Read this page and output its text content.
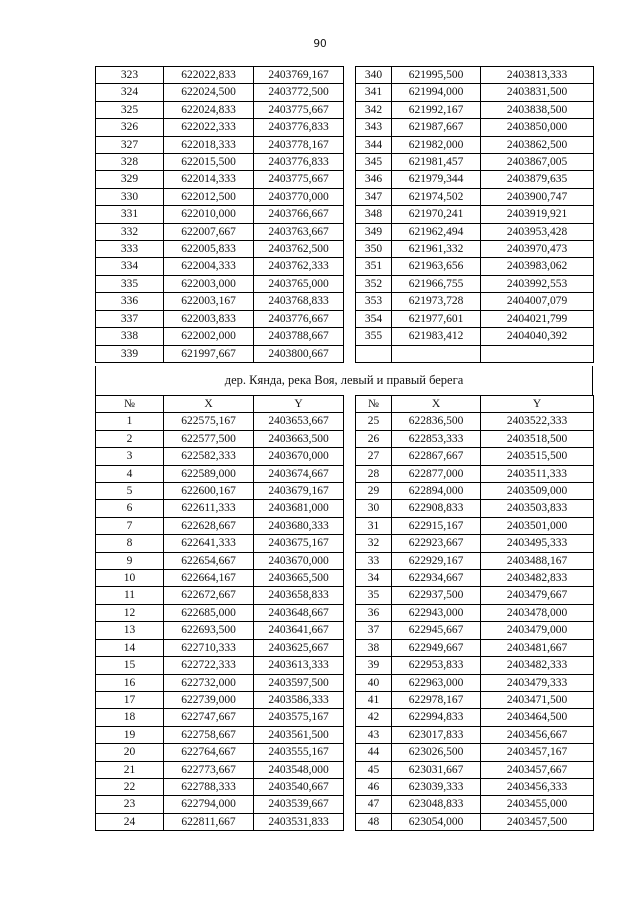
90
323	622022,833	2403769,167		340	621995,500	2403813,333
324	622024,500	2403772,500		341	621994,000	2403831,500
325	622024,833	2403775,667		342	621992,167	2403838,500
326	622022,333	2403776,833		343	621987,667	2403850,000
327	622018,333	2403778,167		344	621982,000	2403862,500
328	622015,500	2403776,833		345	621981,457	2403867,005
329	622014,333	2403775,667		346	621979,344	2403879,635
330	622012,500	2403770,000		347	621974,502	2403900,747
331	622010,000	2403766,667		348	621970,241	2403919,921
332	622007,667	2403763,667		349	621962,494	2403953,428
333	622005,833	2403762,500		350	621961,332	2403970,473
334	622004,333	2403762,333		351	621963,656	2403983,062
335	622003,000	2403765,000		352	621966,755	2403992,553
336	622003,167	2403768,833		353	621973,728	2404007,079
337	622003,833	2403776,667		354	621977,601	2404021,799
338	622002,000	2403788,667		355	621983,412	2404040,392
339	621997,667	2403800,667				
дер. Кянда, река Воя, левый и правый берега
№	X	Y		№	X	Y
1	622575,167	2403653,667		25	622836,500	2403522,333
2	622577,500	2403663,500		26	622853,333	2403518,500
3	622582,333	2403670,000		27	622867,667	2403515,500
4	622589,000	2403674,667		28	622877,000	2403511,333
5	622600,167	2403679,167		29	622894,000	2403509,000
6	622611,333	2403681,000		30	622908,833	2403503,833
7	622628,667	2403680,333		31	622915,167	2403501,000
8	622641,333	2403675,167		32	622923,667	2403495,333
9	622654,667	2403670,000		33	622929,167	2403488,167
10	622664,167	2403665,500		34	622934,667	2403482,833
11	622672,667	2403658,833		35	622937,500	2403479,667
12	622685,000	2403648,667		36	622943,000	2403478,000
13	622693,500	2403641,667		37	622945,667	2403479,000
14	622710,333	2403625,667		38	622949,667	2403481,667
15	622722,333	2403613,333		39	622953,833	2403482,333
16	622732,000	2403597,500		40	622963,000	2403479,333
17	622739,000	2403586,333		41	622978,167	2403471,500
18	622747,667	2403575,167		42	622994,833	2403464,500
19	622758,667	2403561,500		43	623017,833	2403456,667
20	622764,667	2403555,167		44	623026,500	2403457,167
21	622773,667	2403548,000		45	623031,667	2403457,667
22	622788,333	2403540,667		46	623039,333	2403456,333
23	622794,000	2403539,667		47	623048,833	2403455,000
24	622811,667	2403531,833		48	623054,000	2403457,500
